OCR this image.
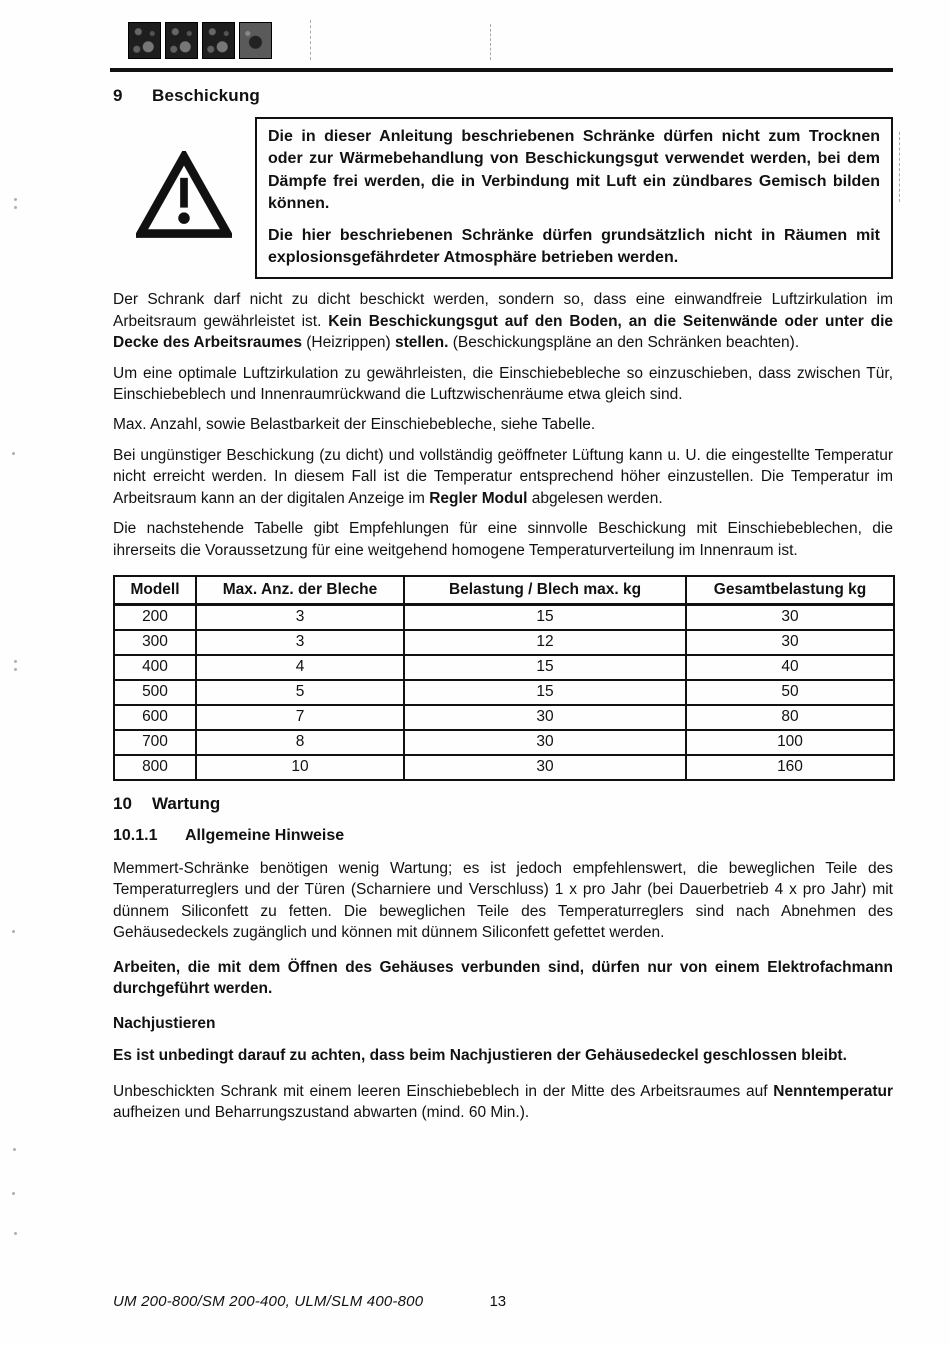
9 Beschickung

Die in dieser Anleitung beschriebenen Schränke dürfen nicht zum Trocknen oder zur Wärmebehandlung von Beschickungsgut verwendet werden, bei dem Dämpfe frei werden, die in Verbindung mit Luft ein zündbares Gemisch bilden können.

Die hier beschriebenen Schränke dürfen grundsätzlich nicht in Räumen mit explosionsgefährdeter Atmosphäre betrieben werden.

Der Schrank darf nicht zu dicht beschickt werden, sondern so, dass eine einwandfreie Luftzirkulation im Arbeitsraum gewährleistet ist. Kein Beschickungsgut auf den Boden, an die Seitenwände oder unter die Decke des Arbeitsraumes (Heizrippen) stellen. (Beschickungspläne an den Schränken beachten).

Um eine optimale Luftzirkulation zu gewährleisten, die Einschiebebleche so einzuschieben, dass zwischen Tür, Einschiebeblech und Innenraumrückwand die Luftzwischenräume etwa gleich sind.

Max. Anzahl, sowie Belastbarkeit der Einschiebebleche, siehe Tabelle.

Bei ungünstiger Beschickung (zu dicht) und vollständig geöffneter Lüftung kann u. U. die eingestellte Temperatur nicht erreicht werden. In diesem Fall ist die Temperatur entsprechend höher einzustellen. Die Temperatur im Arbeitsraum kann an der digitalen Anzeige im Regler Modul abgelesen werden.

Die nachstehende Tabelle gibt Empfehlungen für eine sinnvolle Beschickung mit Einschiebeblechen, die ihrerseits die Voraussetzung für eine weitgehend homogene Temperaturverteilung im Innenraum ist.

Modell	Max. Anz. der Bleche	Belastung / Blech max. kg	Gesamtbelastung kg
200	3	15	30
300	3	12	30
400	4	15	40
500	5	15	50
600	7	30	80
700	8	30	100
800	10	30	160
10 Wartung
10.1.1 Allgemeine Hinweise

Memmert-Schränke benötigen wenig Wartung; es ist jedoch empfehlenswert, die beweglichen Teile des Temperaturreglers und der Türen (Scharniere und Verschluss) 1 x pro Jahr (bei Dauerbetrieb 4 x pro Jahr) mit dünnem Siliconfett zu fetten. Die beweglichen Teile des Temperaturreglers sind nach Abnehmen des Gehäusedeckels zugänglich und können mit dünnem Siliconfett gefettet werden.

Arbeiten, die mit dem Öffnen des Gehäuses verbunden sind, dürfen nur von einem Elektrofachmann durchgeführt werden.

Nachjustieren

Es ist unbedingt darauf zu achten, dass beim Nachjustieren der Gehäusedeckel geschlossen bleibt.

Unbeschickten Schrank mit einem leeren Einschiebeblech in der Mitte des Arbeitsraumes auf Nenntemperatur aufheizen und Beharrungszustand abwarten (mind. 60 Min.).

UM 200-800/SM 200-400, ULM/SLM 400-800	13
